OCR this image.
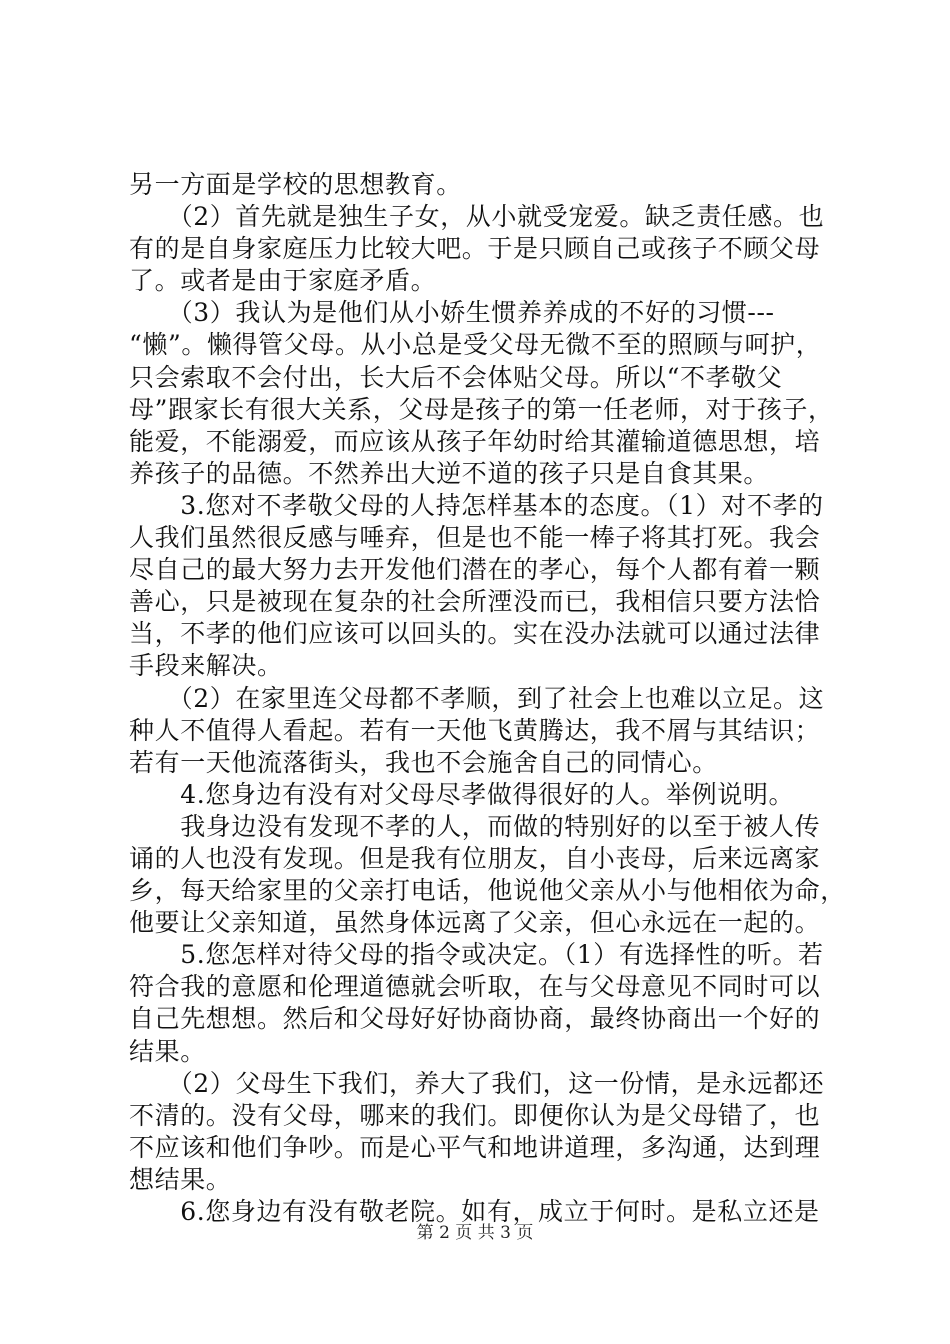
另一方面是学校的思想教育。
　　（2）首先就是独生子女，从小就受宠爱。缺乏责任感。也
有的是自身家庭压力比较大吧。于是只顾自己或孩子不顾父母
了。或者是由于家庭矛盾。
　　（3）我认为是他们从小娇生惯养养成的不好的习惯---
“懒”。懒得管父母。从小总是受父母无微不至的照顾与呵护，
只会索取不会付出，长大后不会体贴父母。所以“不孝敬父
母”跟家长有很大关系，父母是孩子的第一任老师，对于孩子，
能爱，不能溺爱，而应该从孩子年幼时给其灌输道德思想，培
养孩子的品德。不然养出大逆不道的孩子只是自食其果。
　　3.您对不孝敬父母的人持怎样基本的态度。（1）对不孝的
人我们虽然很反感与唾弃，但是也不能一棒子将其打死。我会
尽自己的最大努力去开发他们潜在的孝心，每个人都有着一颗
善心，只是被现在复杂的社会所湮没而已，我相信只要方法恰
当，不孝的他们应该可以回头的。实在没办法就可以通过法律
手段来解决。
　　（2）在家里连父母都不孝顺，到了社会上也难以立足。这
种人不值得人看起。若有一天他飞黄腾达，我不屑与其结识；
若有一天他流落街头，我也不会施舍自己的同情心。
　　4.您身边有没有对父母尽孝做得很好的人。举例说明。
　　我身边没有发现不孝的人，而做的特别好的以至于被人传
诵的人也没有发现。但是我有位朋友，自小丧母，后来远离家
乡，每天给家里的父亲打电话，他说他父亲从小与他相依为命，
他要让父亲知道，虽然身体远离了父亲，但心永远在一起的。
　　5.您怎样对待父母的指令或决定。（1）有选择性的听。若
符合我的意愿和伦理道德就会听取，在与父母意见不同时可以
自己先想想。然后和父母好好协商协商，最终协商出一个好的
结果。
　　（2）父母生下我们，养大了我们，这一份情，是永远都还
不清的。没有父母，哪来的我们。即便你认为是父母错了，也
不应该和他们争吵。而是心平气和地讲道理，多沟通，达到理
想结果。
　　6.您身边有没有敬老院。如有，成立于何时。是私立还是
第 2 页 共 3 页
